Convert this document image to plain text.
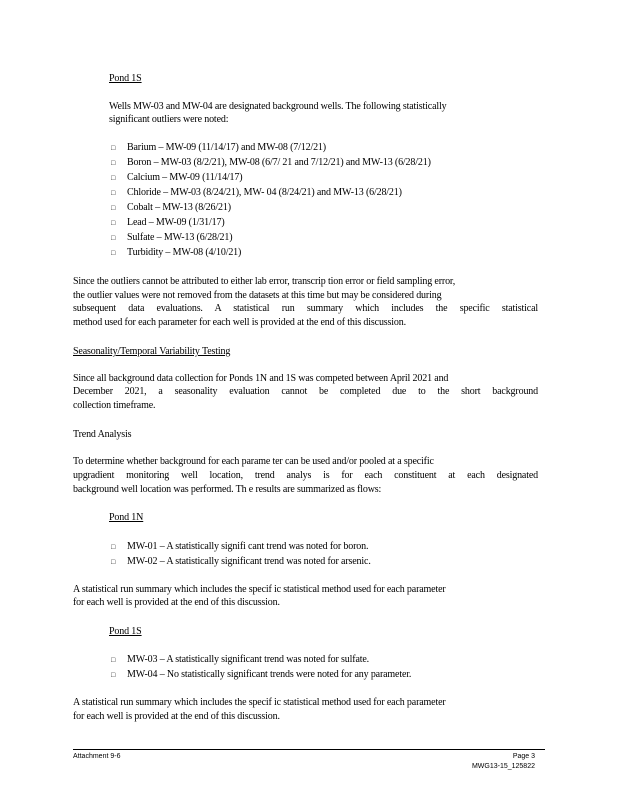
Pond 1S
Wells MW-03 and MW-04 are designated background wells. The following statistically
significant outliers were noted:
□ Barium – MW-09 (11/14/17) and MW-08 (7/12/21)
□ Boron – MW-03 (8/2/21), MW-08 (6/7/ 21 and 7/12/21) and MW-13 (6/28/21)
□ Calcium – MW-09 (11/14/17)
□ Chloride – MW-03 (8/24/21), MW- 04 (8/24/21) and MW-13 (6/28/21)
□ Cobalt – MW-13 (8/26/21)
□ Lead – MW-09 (1/31/17)
□ Sulfate – MW-13 (6/28/21)
□ Turbidity – MW-08 (4/10/21)
Since the outliers cannot be attributed to either lab error, transcrip tion error or field sampling error,
the outlier values were not removed from the datasets at this time but may be considered during
subsequent data evaluations. A statistical run summary which includes the specific statistical
method used for each parameter for each well is provided at the end of this discussion.
Seasonality/Temporal Variability Testing
Since all background data collection for Ponds 1N and 1S was competed between April 2021 and
December 2021, a seasonality evaluation cannot be completed due to the short background
collection timeframe.
Trend Analysis
To determine whether background for each parame ter can be used and/or pooled at a specific
upgradient monitoring well location, trend analys is for each constituent at each designated
background well location was performed. Th e results are summarized as flows:
Pond 1N
□ MW-01 – A statistically signifi cant trend was noted for boron.
□ MW-02 – A statistically significant trend was noted for arsenic.
A statistical run summary which includes the specif ic statistical method used for each parameter
for each well is provided at the end of this discussion.
Pond 1S
□ MW-03 – A statistically significant trend was noted for sulfate.
□ MW-04 – No statistically significant trends were noted for any parameter.
A statistical run summary which includes the specif ic statistical method used for each parameter
for each well is provided at the end of this discussion.
Attachment 9-6	Page 3
MWG13-15_125822
